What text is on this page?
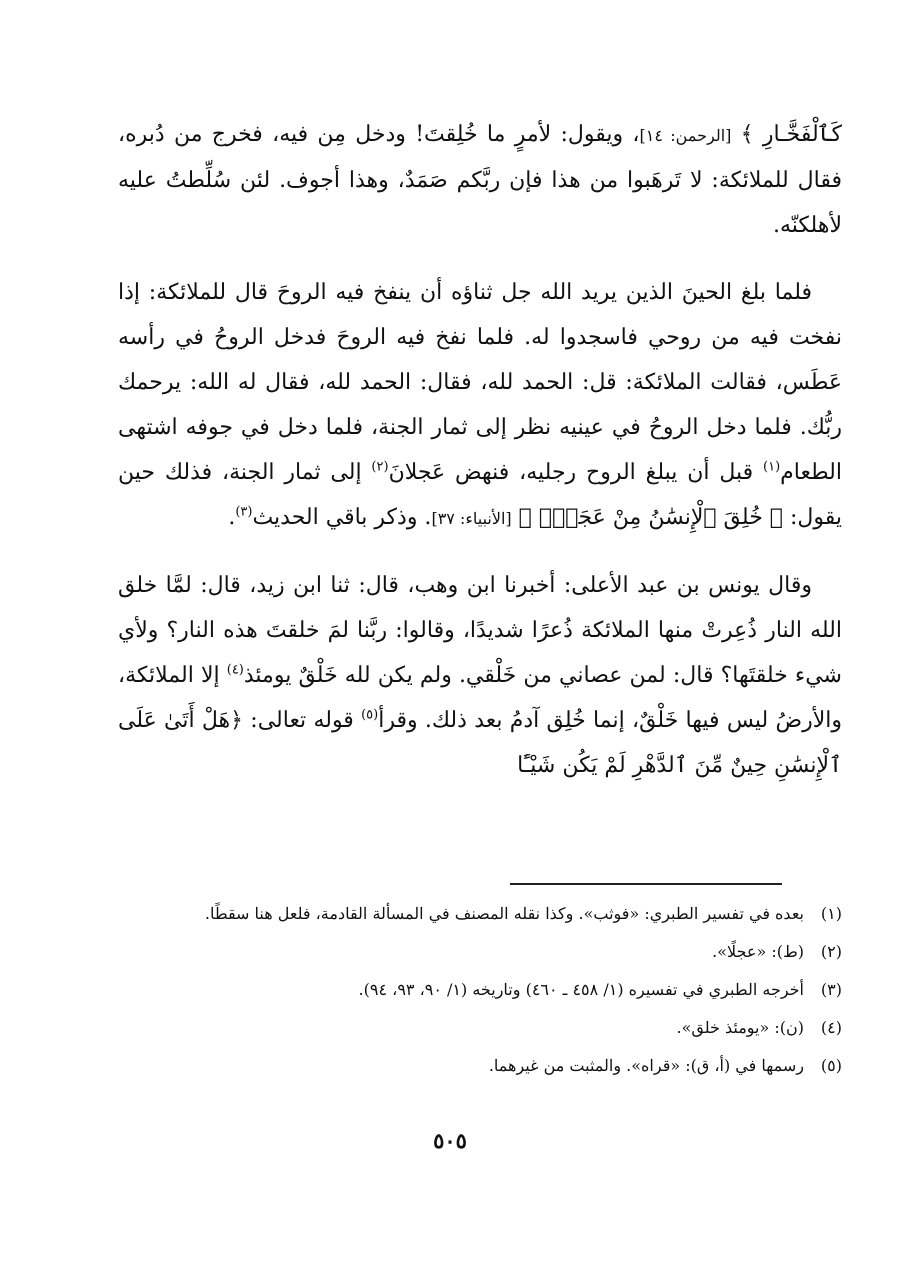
كَٱلْفَخَّـارِ ﴾ [الرحمن: ١٤]، ويقول: لأمرٍ ما خُلِقتَ! ودخل مِن فيه، فخرج من دُبره، فقال للملائكة: لا تَرهَبوا من هذا فإن ربَّكم صَمَدٌ، وهذا أجوف. لئن سُلِّطتُ عليه لأهلكنّه.

فلما بلغ الحينَ الذين يريد الله جل ثناؤه أن ينفخ فيه الروحَ قال للملائكة: إذا نفخت فيه من روحي فاسجدوا له. فلما نفخ فيه الروحَ فدخل الروحُ في رأسه عَطَس، فقالت الملائكة: قل: الحمد لله، فقال: الحمد لله، فقال له الله: يرحمك ربُّك. فلما دخل الروحُ في عينيه نظر إلى ثمار الجنة، فلما دخل في جوفه اشتهى الطعام$^{(١)}$ قبل أن يبلغ الروح رجليه، فنهض عَجلانَ$^{(٢)}$ إلى ثمار الجنة، فذلك حين يقول: ﴿ خُلِقَ ٱلْإِنسَٰنُ مِنْ عَجَلٍۚ ﴾ [الأنبياء: ٣٧]. وذكر باقي الحديث$^{(٣)}$.

وقال يونس بن عبد الأعلى: أخبرنا ابن وهب، قال: ثنا ابن زيد، قال: لمَّا خلق الله النار ذُعِرتْ منها الملائكة ذُعرًا شديدًا، وقالوا: ربَّنا لمَ خلقتَ هذه النار؟ ولأي شيء خلقتَها؟ قال: لمن عصاني من خَلْقي. ولم يكن لله خَلْقٌ يومئذ$^{(٤)}$ إلا الملائكة، والأرضُ ليس فيها خَلْقٌ، إنما خُلِق آدمُ بعد ذلك. وقرأ$^{(٥)}$ قوله تعالى: ﴿هَلْ أَتَىٰ عَلَى ٱلْإِنسَٰنِ حِينٌ مِّنَ ٱلدَّهْرِ لَمْ يَكُن شَيْـًٔا

(١)
بعده في تفسير الطبري: «فوثب». وكذا نقله المصنف في المسألة القادمة، فلعل هنا سقطًا.
(٢)
(ط): «عجلًا».
(٣)
أخرجه الطبري في تفسيره (١/ ٤٥٨ ـ ٤٦٠) وتاريخه (١/ ٩٠، ٩٣، ٩٤).
(٤)
(ن): «يومئذ خلق».
(٥)
رسمها في (أ، ق): «قراه». والمثبت من غيرهما.
٥٠٥
